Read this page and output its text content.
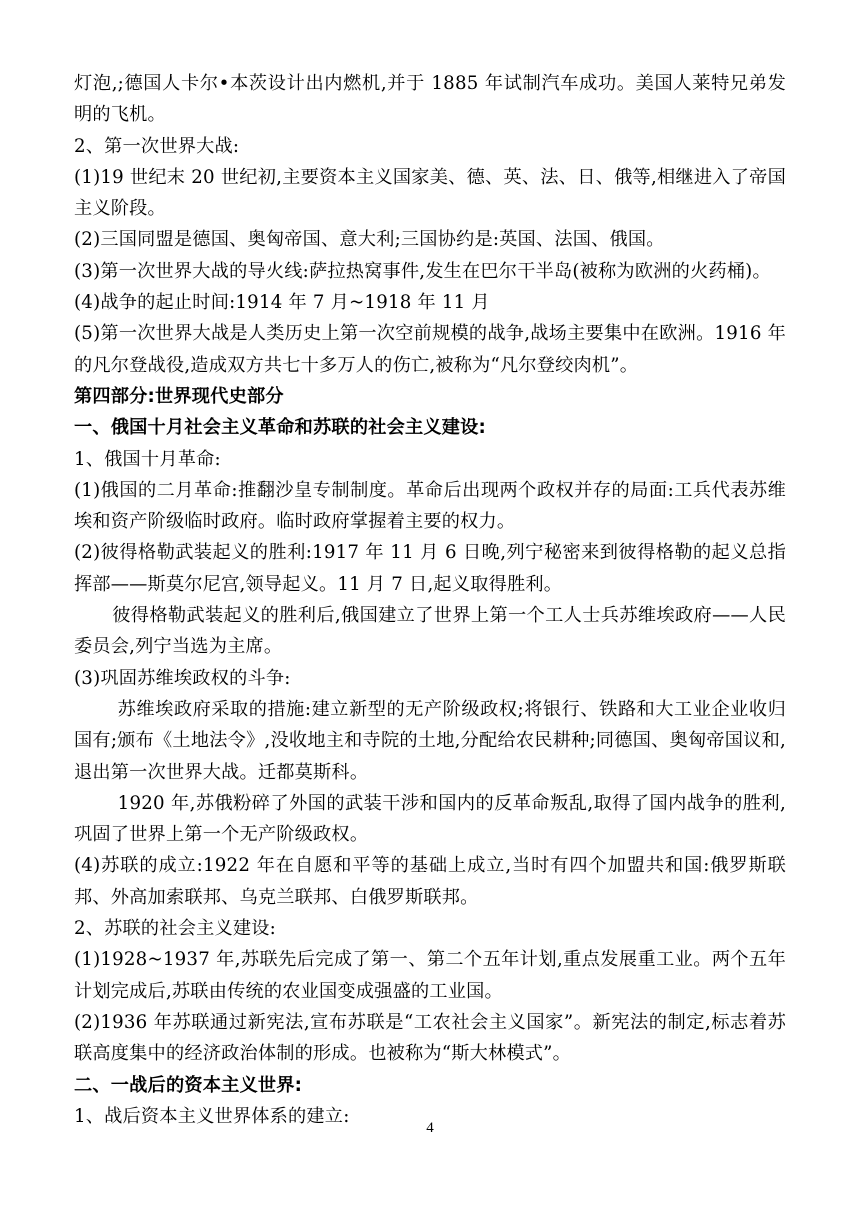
灯泡,;德国人卡尔•本茨设计出内燃机,并于 1885 年试制汽车成功。美国人莱特兄弟发明的飞机。

2、第一次世界大战:

(1)19 世纪末 20 世纪初,主要资本主义国家美、德、英、法、日、俄等,相继进入了帝国主义阶段。

(2)三国同盟是德国、奥匈帝国、意大利;三国协约是:英国、法国、俄国。

(3)第一次世界大战的导火线:萨拉热窝事件,发生在巴尔干半岛(被称为欧洲的火药桶)。

(4)战争的起止时间:1914 年 7 月~1918 年 11 月

(5)第一次世界大战是人类历史上第一次空前规模的战争,战场主要集中在欧洲。1916 年的凡尔登战役,造成双方共七十多万人的伤亡,被称为“凡尔登绞肉机”。

第四部分:世界现代史部分

一、俄国十月社会主义革命和苏联的社会主义建设:

1、俄国十月革命:

(1)俄国的二月革命:推翻沙皇专制制度。革命后出现两个政权并存的局面:工兵代表苏维埃和资产阶级临时政府。临时政府掌握着主要的权力。

(2)彼得格勒武装起义的胜利:1917 年 11 月 6 日晚,列宁秘密来到彼得格勒的起义总指挥部——斯莫尔尼宫,领导起义。11 月 7 日,起义取得胜利。

彼得格勒武装起义的胜利后,俄国建立了世界上第一个工人士兵苏维埃政府——人民委员会,列宁当选为主席。

(3)巩固苏维埃政权的斗争:

苏维埃政府采取的措施:建立新型的无产阶级政权;将银行、铁路和大工业企业收归国有;颁布《土地法令》,没收地主和寺院的土地,分配给农民耕种;同德国、奥匈帝国议和,退出第一次世界大战。迁都莫斯科。

1920 年,苏俄粉碎了外国的武装干涉和国内的反革命叛乱,取得了国内战争的胜利,巩固了世界上第一个无产阶级政权。

(4)苏联的成立:1922 年在自愿和平等的基础上成立,当时有四个加盟共和国:俄罗斯联邦、外高加索联邦、乌克兰联邦、白俄罗斯联邦。

2、苏联的社会主义建设:

(1)1928~1937 年,苏联先后完成了第一、第二个五年计划,重点发展重工业。两个五年计划完成后,苏联由传统的农业国变成强盛的工业国。

(2)1936 年苏联通过新宪法,宣布苏联是“工农社会主义国家”。新宪法的制定,标志着苏联高度集中的经济政治体制的形成。也被称为“斯大林模式”。

二、一战后的资本主义世界:

1、战后资本主义世界体系的建立:

4
